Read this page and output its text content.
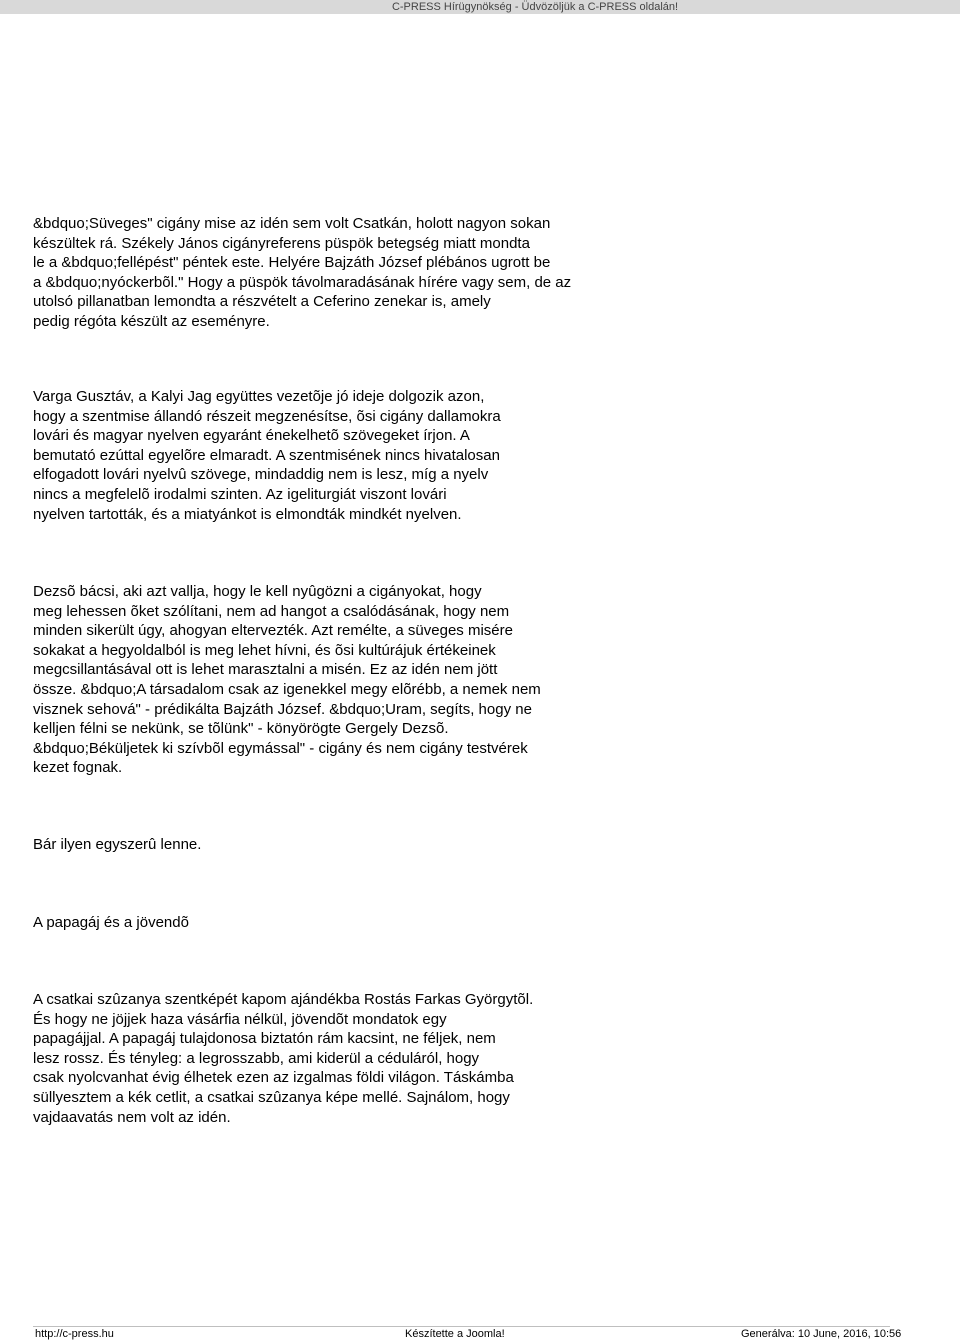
C-PRESS Hírügynökség - Üdvözöljük a C-PRESS oldalán!
&bdquo;Süveges" cigány mise az idén sem volt Csatkán, holott nagyon sokan
készültek rá. Székely János cigányreferens püspök betegség miatt mondta
le a &bdquo;fellépést" péntek este. Helyére Bajzáth József plébános ugrott be
a &bdquo;nyóckerbõl." Hogy a püspök távolmaradásának hírére vagy sem, de az
utolsó pillanatban lemondta a részvételt a Ceferino zenekar is, amely
pedig régóta készült az eseményre.
Varga Gusztáv, a Kalyi Jag együttes vezetõje jó ideje dolgozik azon,
hogy a szentmise állandó részeit megzenésítse, õsi cigány dallamokra
lovári és magyar nyelven egyaránt énekelhetõ szövegeket írjon. A
bemutató ezúttal egyelõre elmaradt. A szentmisének nincs hivatalosan
elfogadott lovári nyelvû szövege, mindaddig nem is lesz, míg a nyelv
nincs a megfelelõ irodalmi szinten. Az igeliturgiát viszont lovári
nyelven tartották, és a miatyánkot is elmondták mindkét nyelven.
Dezsõ bácsi, aki azt vallja, hogy le kell nyûgözni a cigányokat, hogy
meg lehessen õket szólítani, nem ad hangot a csalódásának, hogy nem
minden sikerült úgy, ahogyan eltervezték. Azt remélte, a süveges misére
sokakat a hegyoldalból is meg lehet hívni, és õsi kultúrájuk értékeinek
megcsillantásával ott is lehet marasztalni a misén. Ez az idén nem jött
össze. &bdquo;A társadalom csak az igenekkel megy elõrébb, a nemek nem
visznek sehová" - prédikálta Bajzáth József. &bdquo;Uram, segíts, hogy ne
kelljen félni se nekünk, se tõlünk" - könyörögte Gergely Dezsõ.
&bdquo;Béküljetek ki szívbõl egymással" - cigány és nem cigány testvérek
kezet fognak.
Bár ilyen egyszerû lenne.
A papagáj és a jövendõ
A csatkai szûzanya szentképét kapom ajándékba Rostás Farkas Györgytõl.
És hogy ne jöjjek haza vásárfia nélkül, jövendõt mondatok egy
papagájjal. A papagáj tulajdonosa biztatón rám kacsint, ne féljek, nem
lesz rossz. És tényleg: a legrosszabb, ami kiderül a céduláról, hogy
csak nyolcvanhat évig élhetek ezen az izgalmas földi világon. Táskámba
süllyesztem a kék cetlit, a csatkai szûzanya képe mellé. Sajnálom, hogy
vajdaavatás nem volt az idén.
http://c-press.hu	Készítette a Joomla!	Generálva: 10 June, 2016, 10:56
